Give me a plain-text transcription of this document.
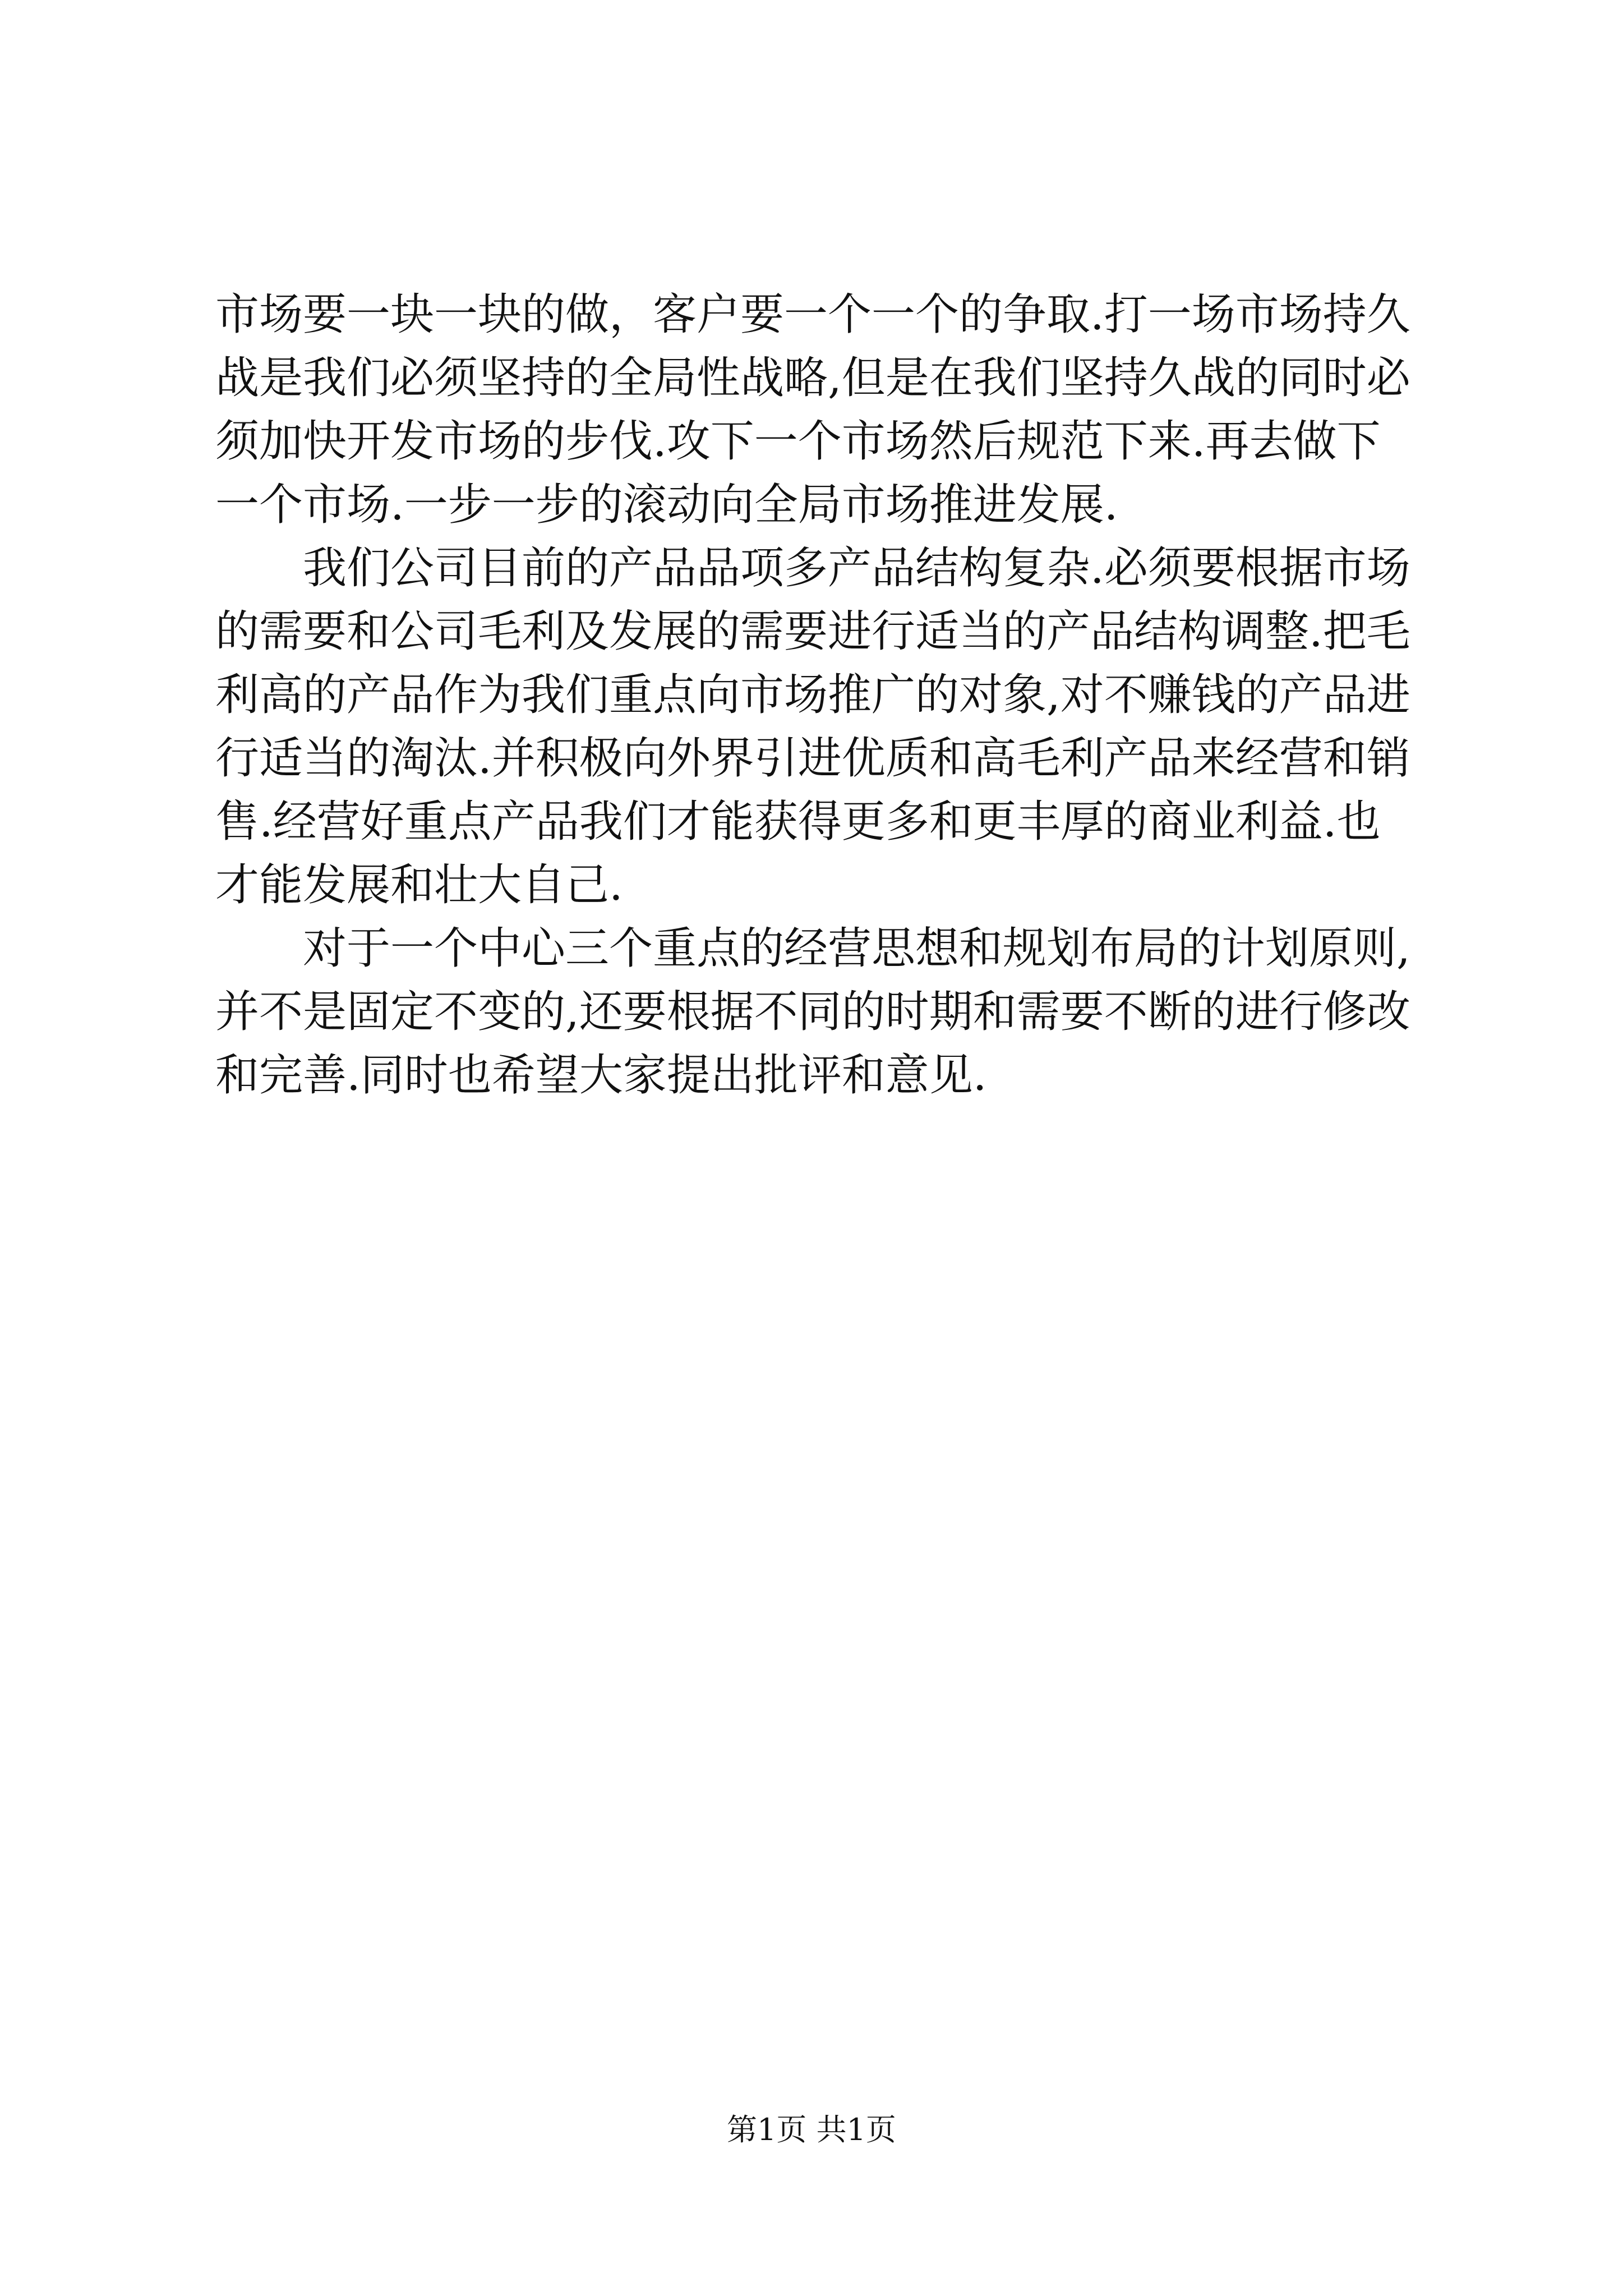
市场要一块一块的做，客户要一个一个的争取.打一场市场持久
战是我们必须坚持的全局性战略,但是在我们坚持久战的同时必
须加快开发市场的步伐.攻下一个市场然后规范下来.再去做下
一个市场.一步一步的滚动向全局市场推进发展.

我们公司目前的产品品项多产品结构复杂.必须要根据市场
的需要和公司毛利及发展的需要进行适当的产品结构调整.把毛
利高的产品作为我们重点向市场推广的对象,对不赚钱的产品进
行适当的淘汰.并积极向外界引进优质和高毛利产品来经营和销
售.经营好重点产品我们才能获得更多和更丰厚的商业利益.也
才能发展和壮大自己.

对于一个中心三个重点的经营思想和规划布局的计划原则,
并不是固定不变的,还要根据不同的时期和需要不断的进行修改
和完善.同时也希望大家提出批评和意见.

第1页 共1页
